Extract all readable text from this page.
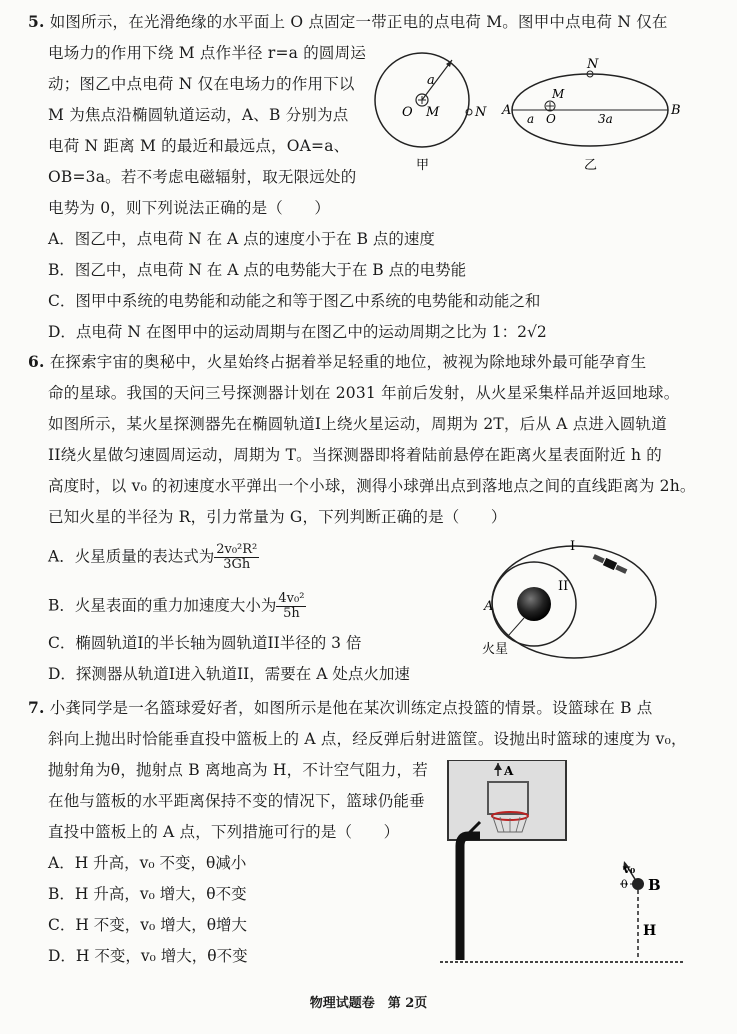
5. 如图所示，在光滑绝缘的水平面上 O 点固定一带正电的点电荷 M。图甲中点电荷 N 仅在
电场力的作用下绕 M 点作半径 r=a 的圆周运
动；图乙中点电荷 N 仅在电场力的作用下以
M 为焦点沿椭圆轨道运动，A、B 分别为点
电荷 N 距离 M 的最近和最远点，OA=a、
OB=3a。若不考虑电磁辐射，取无限远处的
电势为 0，则下列说法正确的是（　　）
a
O M	N
甲
N
A	B
M
O
a	3a
乙
A．图乙中，点电荷 N 在 A 点的速度小于在 B 点的速度
B．图乙中，点电荷 N 在 A 点的电势能大于在 B 点的电势能
C．图甲中系统的电势能和动能之和等于图乙中系统的电势能和动能之和
D．点电荷 N 在图甲中的运动周期与在图乙中的运动周期之比为 1：2√2
6. 在探索宇宙的奥秘中，火星始终占据着举足轻重的地位，被视为除地球外最可能孕育生
命的星球。我国的天问三号探测器计划在 2031 年前后发射，从火星采集样品并返回地球。
如图所示，某火星探测器先在椭圆轨道I上绕火星运动，周期为 2T，后从 A 点进入圆轨道
II绕火星做匀速圆周运动，周期为 T。当探测器即将着陆前悬停在距离火星表面附近 h 的
高度时，以 v₀ 的初速度水平弹出一个小球，测得小球弹出点到落地点之间的直线距离为 2h。
已知火星的半径为 R，引力常量为 G，下列判断正确的是（　　）
A．火星质量的表达式为 $\frac{\text{2v₀²R²}}{3Gh}$
B．火星表面的重力加速度大小为 $\frac{\text{4v₀²}}{5h}$
C．椭圆轨道I的半长轴为圆轨道II半径的 3 倍
D．探测器从轨道I进入轨道II，需要在 A 处点火加速
I
II
A
火星
7. 小龚同学是一名篮球爱好者，如图所示是他在某次训练定点投篮的情景。设篮球在 B 点
斜向上抛出时恰能垂直投中篮板上的 A 点，经反弹后射进篮筐。设抛出时篮球的速度为 v₀，
抛射角为θ，抛射点 B 离地高为 H，不计空气阻力，若
在他与篮板的水平距离保持不变的情况下，篮球仍能垂
直投中篮板上的 A 点，下列措施可行的是（　　）
A．H 升高，v₀ 不变，θ减小
B．H 升高，v₀ 增大，θ不变
C．H 不变，v₀ 增大，θ增大
D．H 不变，v₀ 增大，θ不变
A
v₀
θ B
H
物理试题卷　第 2页
